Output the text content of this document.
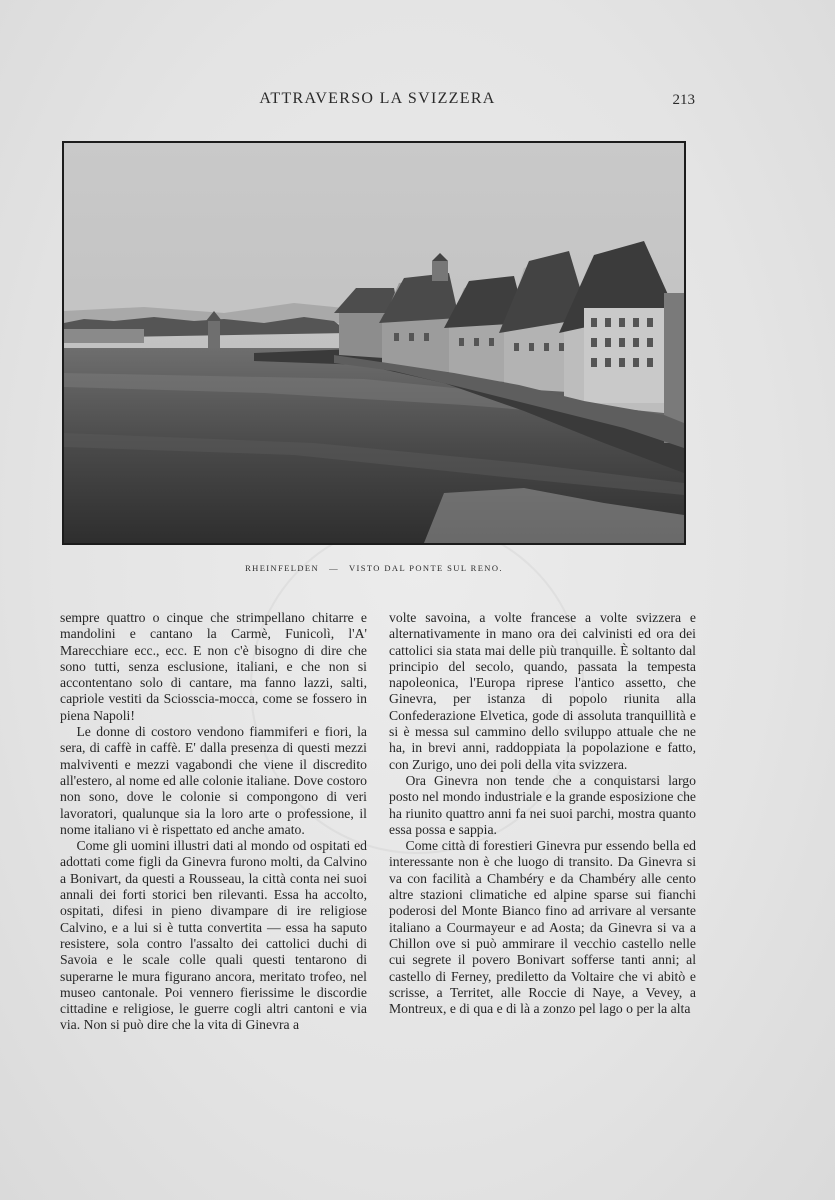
ATTRAVERSO LA SVIZZERA	213
RHEINFELDEN — VISTO DAL PONTE SUL RENO.

sempre quattro o cinque che strimpellano chitarre e mandolini e cantano la Carmè, Funicolì, l'A' Marecchiare ecc., ecc. E non c'è bisogno di dire che sono tutti, senza esclusione, italiani, e che non si accontentano solo di cantare, ma fanno lazzi, salti, capriole vestiti da Sciosscia-mocca, come se fossero in piena Napoli!

Le donne di costoro vendono fiammiferi e fiori, la sera, di caffè in caffè. E' dalla presenza di questi mezzi malviventi e mezzi vagabondi che viene il discredito all'estero, al nome ed alle colonie italiane. Dove costoro non sono, dove le colonie si compongono di veri lavoratori, qualunque sia la loro arte o professione, il nome italiano vi è rispettato ed anche amato.

Come gli uomini illustri dati al mondo od ospitati ed adottati come figli da Ginevra furono molti, da Calvino a Bonivart, da questi a Rousseau, la città conta nei suoi annali dei forti storici ben rilevanti. Essa ha accolto, ospitati, difesi in pieno divampare di ire religiose Calvino, e a lui si è tutta convertita — essa ha saputo resistere, sola contro l'assalto dei cattolici duchi di Savoia e le scale colle quali questi tentarono di superarne le mura figurano ancora, meritato trofeo, nel museo cantonale. Poi vennero fierissime le discordie cittadine e religiose, le guerre cogli altri cantoni e via via. Non si può dire che la vita di Ginevra a

volte savoina, a volte francese a volte svizzera e alternativamente in mano ora dei calvinisti ed ora dei cattolici sia stata mai delle più tranquille. È soltanto dal principio del secolo, quando, passata la tempesta napoleonica, l'Europa riprese l'antico assetto, che Ginevra, per istanza di popolo riunita alla Confederazione Elvetica, gode di assoluta tranquillità e si è messa sul cammino dello sviluppo attuale che ne ha, in brevi anni, raddoppiata la popolazione e fatto, con Zurigo, uno dei poli della vita svizzera.

Ora Ginevra non tende che a conquistarsi largo posto nel mondo industriale e la grande esposizione che ha riunito quattro anni fa nei suoi parchi, mostra quanto essa possa e sappia.

Come città di forestieri Ginevra pur essendo bella ed interessante non è che luogo di transito. Da Ginevra si va con facilità a Chambéry e da Chambéry alle cento altre stazioni climatiche ed alpine sparse sui fianchi poderosi del Monte Bianco fino ad arrivare al versante italiano a Courmayeur e ad Aosta; da Ginevra si va a Chillon ove si può ammirare il vecchio castello nelle cui segrete il povero Bonivart sofferse tanti anni; al castello di Ferney, prediletto da Voltaire che vi abitò e scrisse, a Territet, alle Roccie di Naye, a Vevey, a Montreux, e di qua e di là a zonzo pel lago o per la alta
